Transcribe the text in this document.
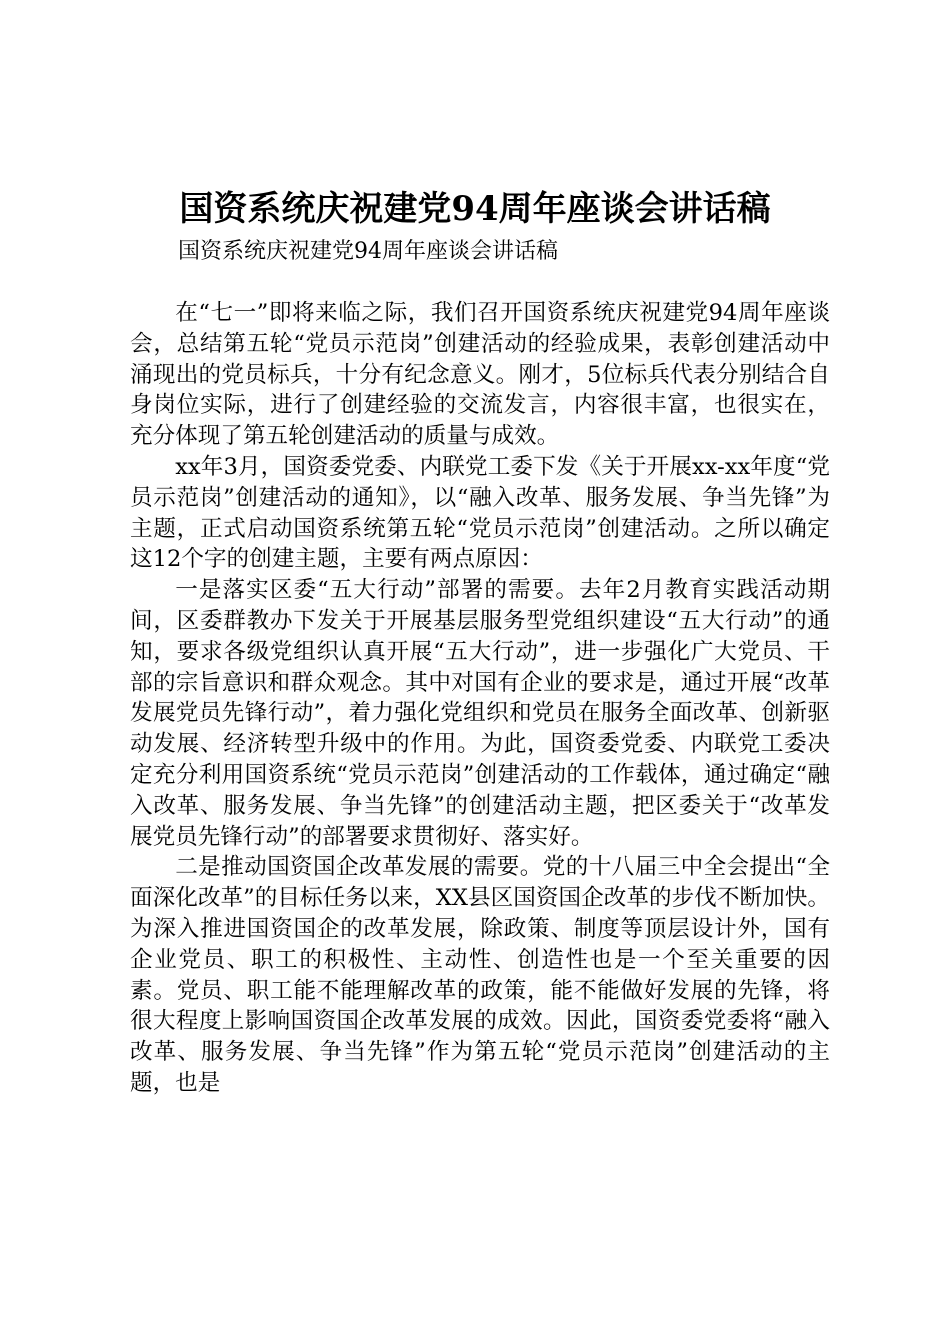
国资系统庆祝建党94周年座谈会讲话稿
国资系统庆祝建党94周年座谈会讲话稿

在“七一”即将来临之际，我们召开国资系统庆祝建党94周年座谈会，总结第五轮“党员示范岗”创建活动的经验成果，表彰创建活动中涌现出的党员标兵，十分有纪念意义。刚才，5位标兵代表分别结合自身岗位实际，进行了创建经验的交流发言，内容很丰富，也很实在，充分体现了第五轮创建活动的质量与成效。

xx年3月，国资委党委、内联党工委下发《关于开展xx-xx年度“党员示范岗”创建活动的通知》，以“融入改革、服务发展、争当先锋”为主题，正式启动国资系统第五轮“党员示范岗”创建活动。之所以确定这12个字的创建主题，主要有两点原因：

一是落实区委“五大行动”部署的需要。去年2月教育实践活动期间，区委群教办下发关于开展基层服务型党组织建设“五大行动”的通知，要求各级党组织认真开展“五大行动”，进一步强化广大党员、干部的宗旨意识和群众观念。其中对国有企业的要求是，通过开展“改革发展党员先锋行动”，着力强化党组织和党员在服务全面改革、创新驱动发展、经济转型升级中的作用。为此，国资委党委、内联党工委决定充分利用国资系统“党员示范岗”创建活动的工作载体，通过确定“融入改革、服务发展、争当先锋”的创建活动主题，把区委关于“改革发展党员先锋行动”的部署要求贯彻好、落实好。

二是推动国资国企改革发展的需要。党的十八届三中全会提出“全面深化改革”的目标任务以来，XX县区国资国企改革的步伐不断加快。为深入推进国资国企的改革发展，除政策、制度等顶层设计外，国有企业党员、职工的积极性、主动性、创造性也是一个至关重要的因素。党员、职工能不能理解改革的政策，能不能做好发展的先锋，将很大程度上影响国资国企改革发展的成效。因此，国资委党委将“融入改革、服务发展、争当先锋”作为第五轮“党员示范岗”创建活动的主题，也是
